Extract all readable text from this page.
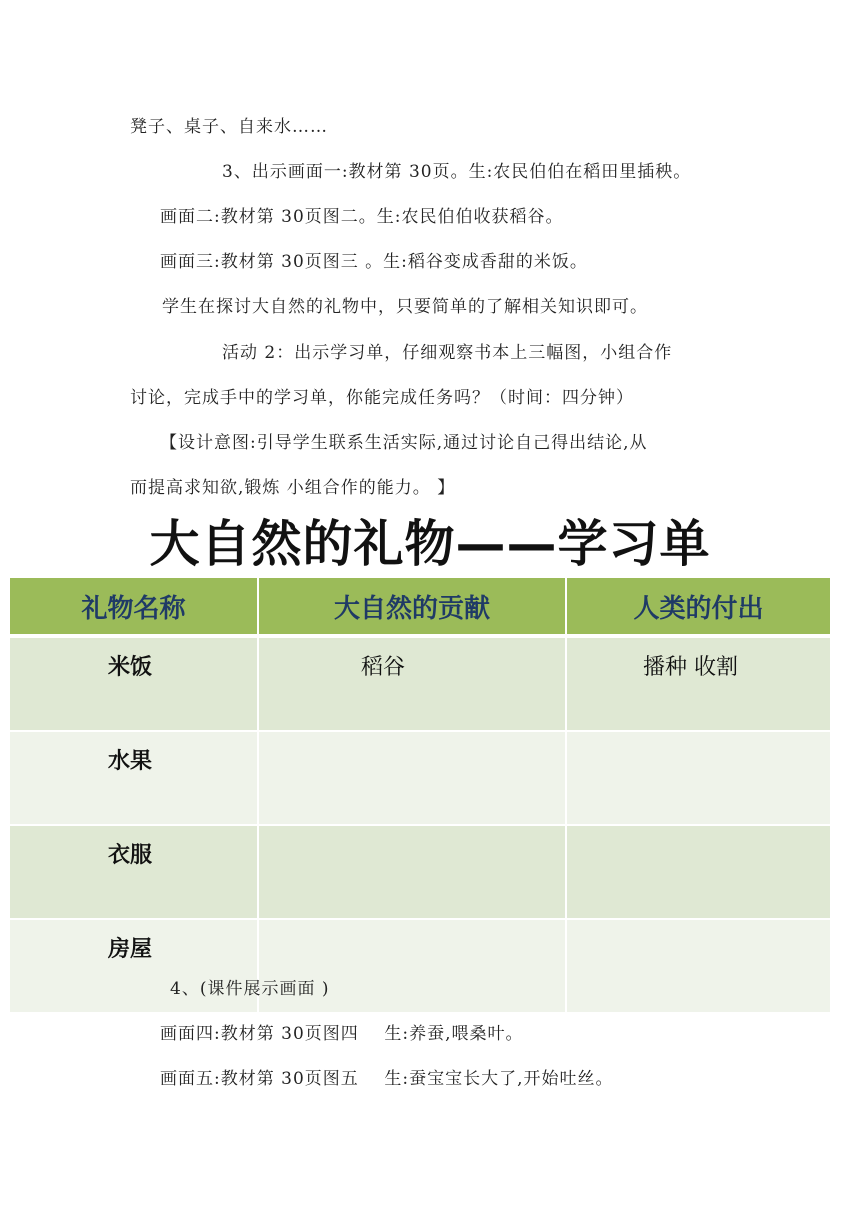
凳子、桌子、自来水……
3、出示画面一:教材第 30页。生:农民伯伯在稻田里插秧。
画面二:教材第 30页图二。生:农民伯伯收获稻谷。
画面三:教材第 30页图三 。生:稻谷变成香甜的米饭。
学生在探讨大自然的礼物中，只要简单的了解相关知识即可。
活动 2：出示学习单，仔细观察书本上三幅图，小组合作
讨论，完成手中的学习单，你能完成任务吗？（时间：四分钟）
【设计意图:引导学生联系生活实际,通过讨论自己得出结论,从
而提高求知欲,锻炼 小组合作的能力。 】
大自然的礼物——学习单
礼物名称	大自然的贡献	人类的付出
米饭	稻谷	播种 收割
水果		
衣服		
房屋		
4、(课件展示画面 )
画面四:教材第 30页图四    生:养蚕,喂桑叶。
画面五:教材第 30页图五    生:蚕宝宝长大了,开始吐丝。
